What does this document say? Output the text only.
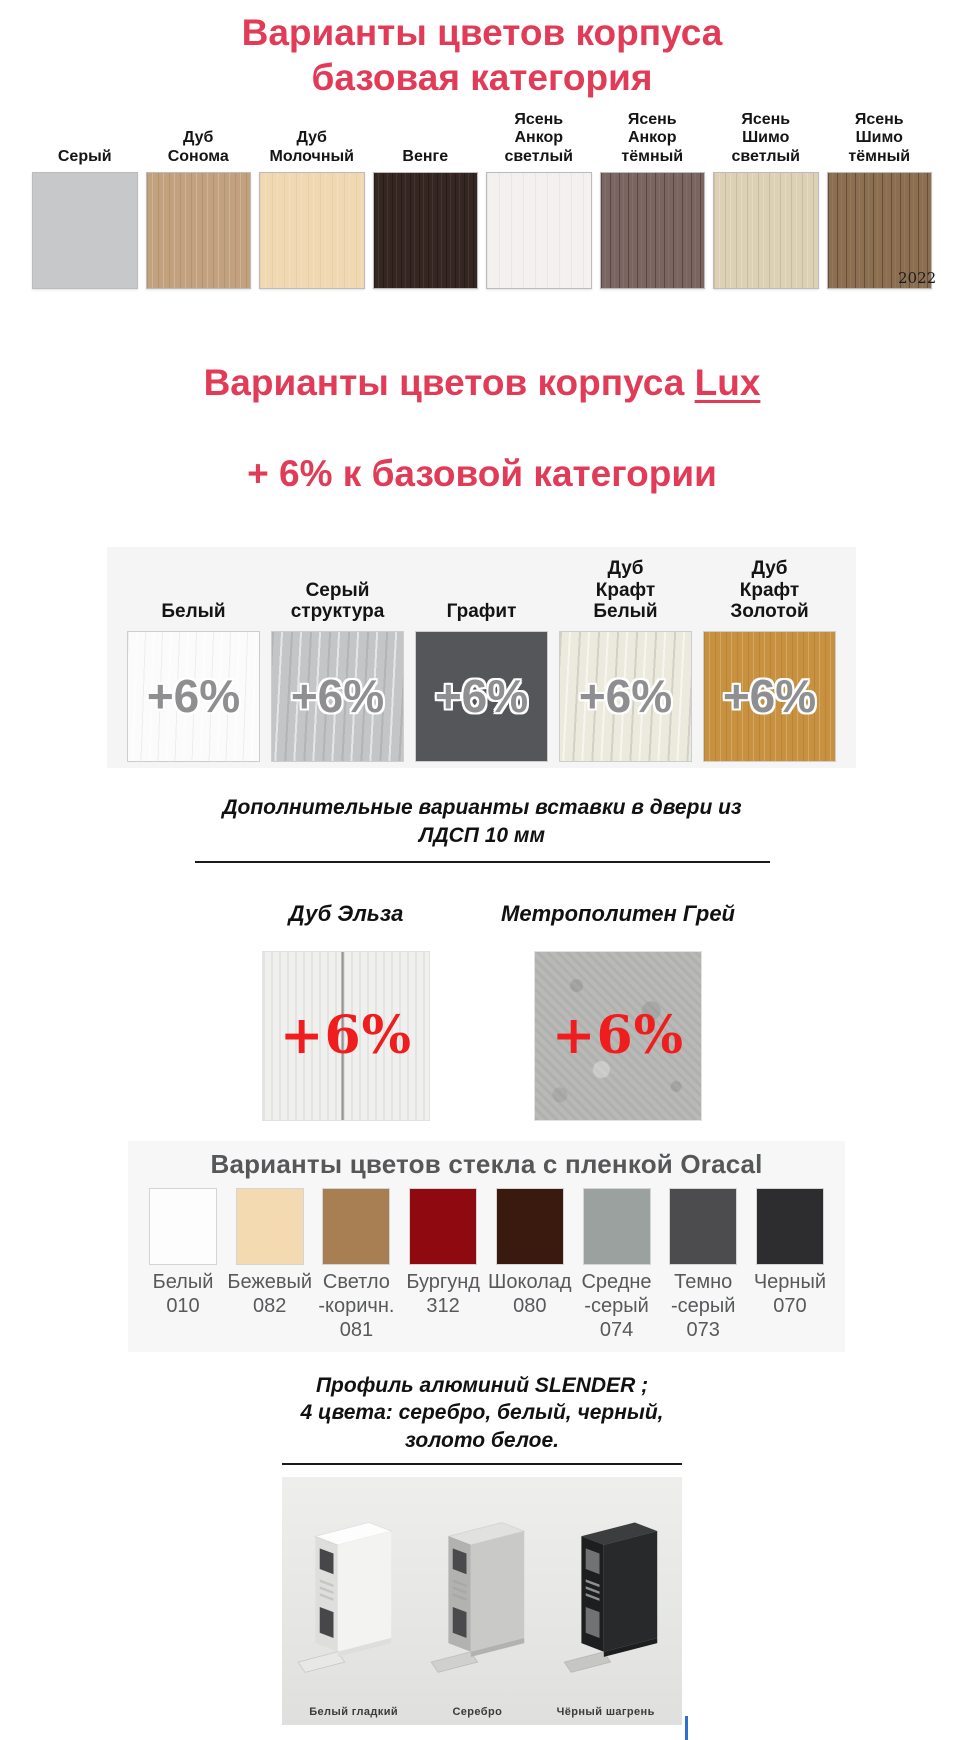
Варианты цветов корпуса
базовая категория
Серый
Дуб
Сонома
Дуб
Молочный	Венге
Ясень
Анкор
светлый
Ясень
Анкор
тёмный
Ясень
Шимо
светлый
Ясень
Шимо
тёмный
2022

Варианты цветов корпуса Lux

+ 6% к базовой категории

Белый
+6%
Серый
структура
+6%
Графит
+6%
Дуб
Крафт
Белый
+6%
Дуб
Крафт
Золотой
+6%
Дополнительные варианты вставки в двери из
ЛДСП 10 мм
Дуб Эльза
+6%
Метрополитен Грей
+6%
Варианты цветов стекла с пленкой Oracal
Белый
010
Бежевый
082
Светло
-коричн.
081
Бургунд
312
Шоколад
080
Средне
-серый
074
Темно
-серый
073
Черный
070
Профиль алюминий SLENDER ;
4 цвета: серебро, белый, черный,
золото белое.
Белый гладкий	Серебро	Чёрный шагрень
